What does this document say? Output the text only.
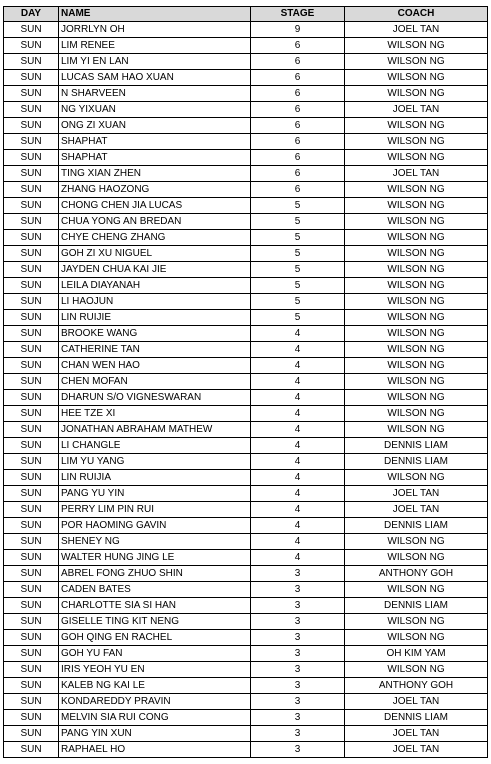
DAY	NAME	STAGE	COACH
SUN	JORRLYN OH	9	JOEL TAN
SUN	LIM RENEE	6	WILSON NG
SUN	LIM YI EN LAN	6	WILSON NG
SUN	LUCAS SAM HAO XUAN	6	WILSON NG
SUN	N SHARVEEN	6	WILSON NG
SUN	NG YIXUAN	6	JOEL TAN
SUN	ONG ZI XUAN	6	WILSON NG
SUN	SHAPHAT	6	WILSON NG
SUN	SHAPHAT	6	WILSON NG
SUN	TING XIAN ZHEN	6	JOEL TAN
SUN	ZHANG HAOZONG	6	WILSON NG
SUN	CHONG CHEN JIA LUCAS	5	WILSON NG
SUN	CHUA YONG AN BREDAN	5	WILSON NG
SUN	CHYE CHENG ZHANG	5	WILSON NG
SUN	GOH ZI XU NIGUEL	5	WILSON NG
SUN	JAYDEN CHUA KAI JIE	5	WILSON NG
SUN	LEILA DIAYANAH	5	WILSON NG
SUN	LI HAOJUN	5	WILSON NG
SUN	LIN RUIJIE	5	WILSON NG
SUN	BROOKE WANG	4	WILSON NG
SUN	CATHERINE TAN	4	WILSON NG
SUN	CHAN WEN HAO	4	WILSON NG
SUN	CHEN MOFAN	4	WILSON NG
SUN	DHARUN S/O VIGNESWARAN	4	WILSON NG
SUN	HEE TZE XI	4	WILSON NG
SUN	JONATHAN ABRAHAM MATHEW	4	WILSON NG
SUN	LI CHANGLE	4	DENNIS LIAM
SUN	LIM YU YANG	4	DENNIS LIAM
SUN	LIN RUIJIA	4	WILSON NG
SUN	PANG YU YIN	4	JOEL TAN
SUN	PERRY LIM PIN RUI	4	JOEL TAN
SUN	POR HAOMING GAVIN	4	DENNIS LIAM
SUN	SHENEY NG	4	WILSON NG
SUN	WALTER HUNG JING LE	4	WILSON NG
SUN	ABREL FONG ZHUO SHIN	3	ANTHONY GOH
SUN	CADEN BATES	3	WILSON NG
SUN	CHARLOTTE SIA SI HAN	3	DENNIS LIAM
SUN	GISELLE TING KIT NENG	3	WILSON NG
SUN	GOH QING EN RACHEL	3	WILSON NG
SUN	GOH YU FAN	3	OH KIM YAM
SUN	IRIS YEOH YU EN	3	WILSON NG
SUN	KALEB NG KAI LE	3	ANTHONY GOH
SUN	KONDAREDDY PRAVIN	3	JOEL TAN
SUN	MELVIN SIA RUI CONG	3	DENNIS LIAM
SUN	PANG YIN XUN	3	JOEL TAN
SUN	RAPHAEL HO	3	JOEL TAN
